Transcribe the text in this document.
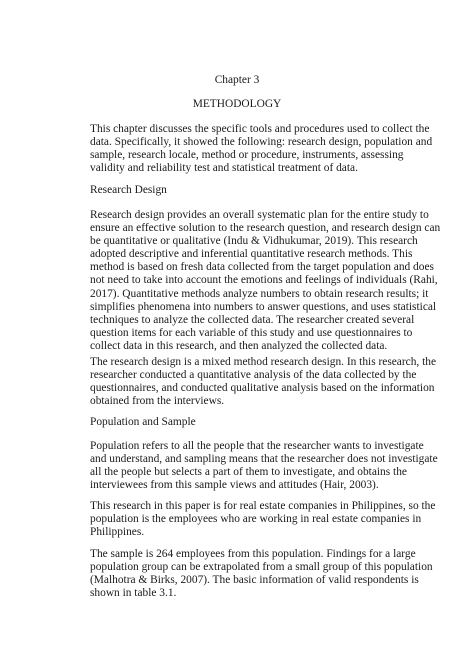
Chapter 3
METHODOLOGY

This chapter discusses the specific tools and procedures used to collect the
data. Specifically, it showed the following: research design, population and
sample, research locale, method or procedure, instruments, assessing
validity and reliability test and statistical treatment of data.

Research Design

Research design provides an overall systematic plan for the entire study to
ensure an effective solution to the research question, and research design can
be quantitative or qualitative (Indu & Vidhukumar, 2019). This research
adopted descriptive and inferential quantitative research methods. This
method is based on fresh data collected from the target population and does
not need to take into account the emotions and feelings of individuals (Rahi,
2017). Quantitative methods analyze numbers to obtain research results; it
simplifies phenomena into numbers to answer questions, and uses statistical
techniques to analyze the collected data. The researcher created several
question items for each variable of this study and use questionnaires to
collect data in this research, and then analyzed the collected data.

The research design is a mixed method research design. In this research, the
researcher conducted a quantitative analysis of the data collected by the
questionnaires, and conducted qualitative analysis based on the information
obtained from the interviews.

Population and Sample

Population refers to all the people that the researcher wants to investigate
and understand, and sampling means that the researcher does not investigate
all the people but selects a part of them to investigate, and obtains the
interviewees from this sample views and attitudes (Hair, 2003).

This research in this paper is for real estate companies in Philippines, so the
population is the employees who are working in real estate companies in
Philippines.

The sample is 264 employees from this population. Findings for a large
population group can be extrapolated from a small group of this population
(Malhotra & Birks, 2007). The basic information of valid respondents is
shown in table 3.1.
